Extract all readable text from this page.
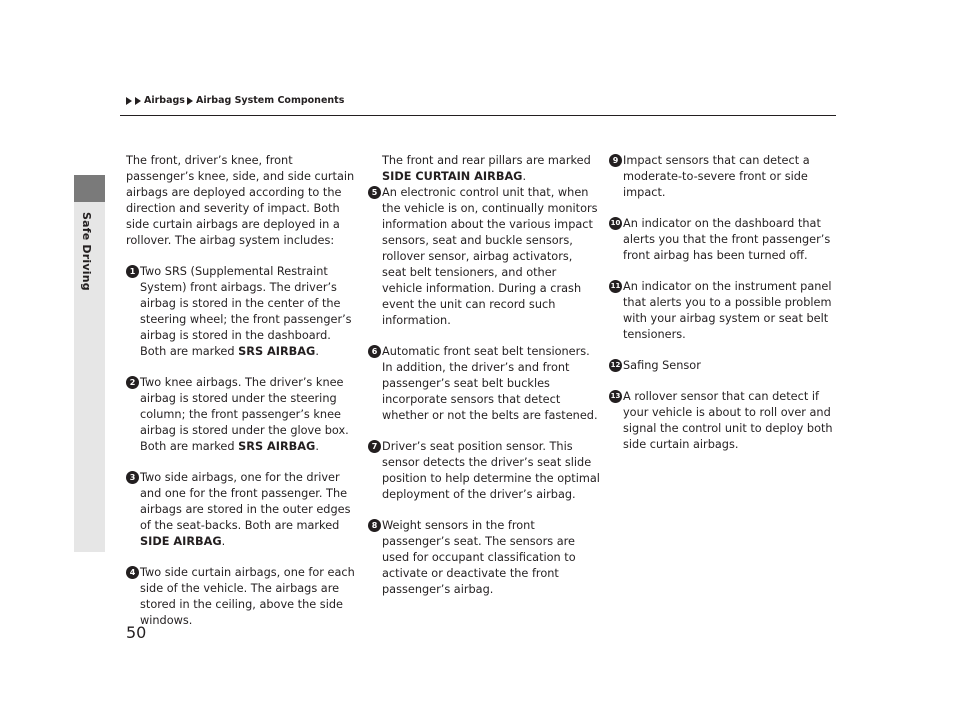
Safe Driving
Airbags Airbag System Components

The front, driver’s knee, front passenger’s knee, side, and side curtain airbags are deployed according to the direction and severity of impact. Both side curtain airbags are deployed in a rollover. The airbag system includes:

1 Two SRS (Supplemental Restraint System) front airbags. The driver’s airbag is stored in the center of the steering wheel; the front passenger’s airbag is stored in the dashboard. Both are marked SRS AIRBAG.
2 Two knee airbags. The driver’s knee airbag is stored under the steering column; the front passenger’s knee airbag is stored under the glove box. Both are marked SRS AIRBAG.
3 Two side airbags, one for the driver and one for the front passenger. The airbags are stored in the outer edges of the seat-backs. Both are marked SIDE AIRBAG.
4 Two side curtain airbags, one for each side of the vehicle. The airbags are stored in the ceiling, above the side windows.

The front and rear pillars are marked SIDE CURTAIN AIRBAG.

5 An electronic control unit that, when the vehicle is on, continually monitors information about the various impact sensors, seat and buckle sensors, rollover sensor, airbag activators, seat belt tensioners, and other vehicle information. During a crash event the unit can record such information.
6 Automatic front seat belt tensioners. In addition, the driver’s and front passenger’s seat belt buckles incorporate sensors that detect whether or not the belts are fastened.
7 Driver’s seat position sensor. This sensor detects the driver’s seat slide position to help determine the optimal deployment of the driver’s airbag.
8 Weight sensors in the front passenger’s seat. The sensors are used for occupant classification to activate or deactivate the front passenger’s airbag.
9 Impact sensors that can detect a moderate-to-severe front or side impact.
10 An indicator on the dashboard that alerts you that the front passenger’s front airbag has been turned off.
11 An indicator on the instrument panel that alerts you to a possible problem with your airbag system or seat belt tensioners.
12 Safing Sensor
13 A rollover sensor that can detect if your vehicle is about to roll over and signal the control unit to deploy both side curtain airbags.
50
